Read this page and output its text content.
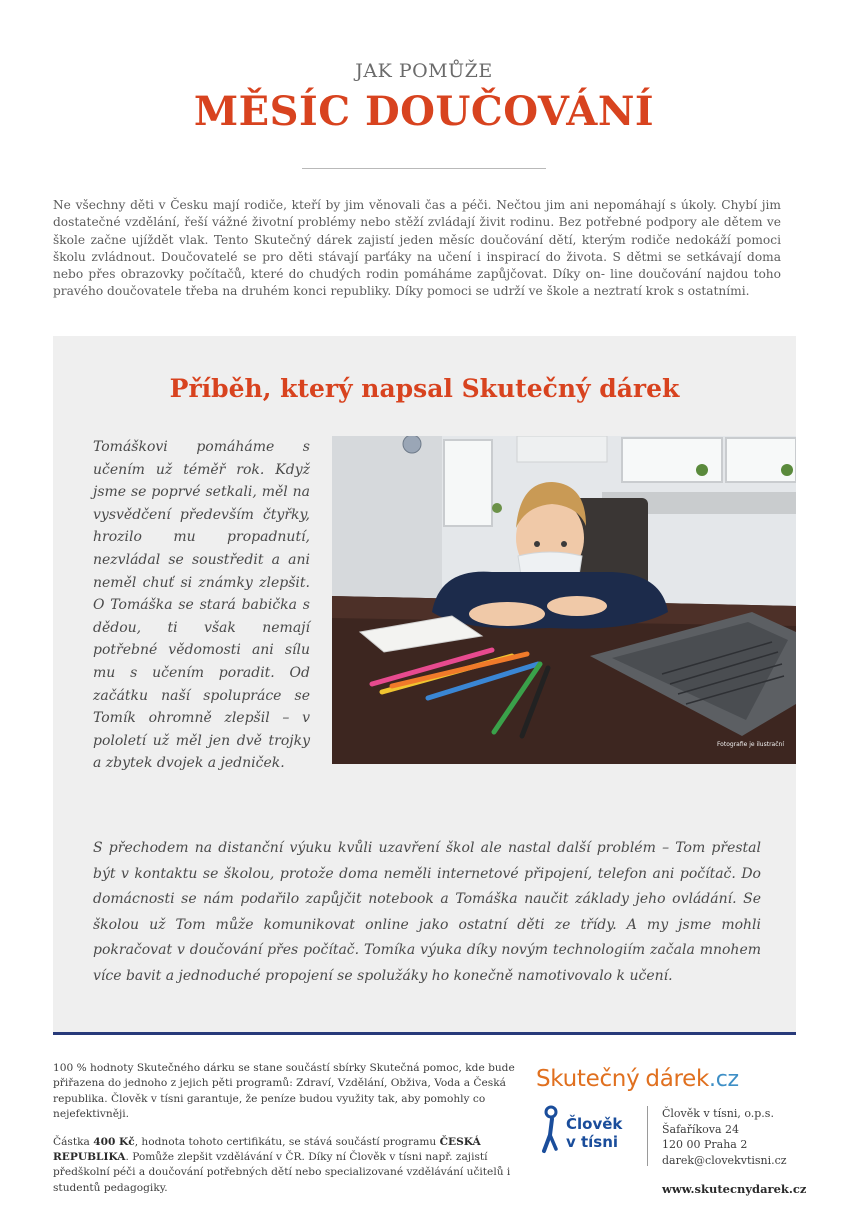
JAK POMŮŽE
MĚSÍC DOUČOVÁNÍ
Ne všechny děti v Česku mají rodiče, kteří by jim věnovali čas a péči. Nečtou jim ani nepomáhají s úkoly. Chybí jim dostatečné vzdělání, řeší vážné životní problémy nebo stěží zvládají živit rodinu. Bez potřebné podpory ale dětem ve škole začne ujíždět vlak. Tento Skutečný dárek zajistí jeden měsíc doučování dětí, kterým rodiče nedokáží pomoci školu zvládnout. Doučovatelé se pro děti stávají parťáky na učení i inspirací do života. S dětmi se setkávají doma nebo přes obrazovky počítačů, které do chudých rodin pomáháme zapůjčovat. Díky on- line doučování najdou toho pravého doučovatele třeba na druhém konci republiky. Díky pomoci se udrží ve škole a neztratí krok s ostatními.
Příběh, který napsal Skutečný dárek
Tomáškovi pomáháme s učením už téměř rok. Když jsme se poprvé setkali, měl na vysvědčení především čtyřky, hrozilo mu propadnutí, nezvládal se soustředit a ani neměl chuť si známky zlepšit. O Tomáška se stará babička s dědou, ti však nemají potřebné vědomosti ani sílu mu s učením poradit. Od začátku naší spolupráce se Tomík ohromně zlepšil – v pololetí už měl jen dvě trojky a zbytek dvojek a jedniček.
Fotografie je ilustrační
S přechodem na distanční výuku kvůli uzavření škol ale nastal další problém – Tom přestal být v kontaktu se školou, protože doma neměli internetové připojení, telefon ani počítač. Do domácnosti se nám podařilo zapůjčit notebook a Tomáška naučit základy jeho ovládání. Se školou už Tom může komunikovat online jako ostatní děti ze třídy. A my jsme mohli pokračovat v doučování přes počítač. Tomíka výuka díky novým technologiím začala mnohem více bavit a jednoduché propojení se spolužáky ho konečně namotivovalo k učení.

100 % hodnoty Skutečného dárku se stane součástí sbírky Skutečná pomoc, kde bude přiřazena do jednoho z jejich pěti programů: Zdraví, Vzdělání, Obživa, Voda a Česká republika. Člověk v tísni garantuje, že peníze budou využity tak, aby pomohly co nejefektivněji.

Částka 400 Kč, hodnota tohoto certifikátu, se stává součástí programu ČESKÁ REPUBLIKA. Pomůže zlepšit vzdělávání v ČR. Díky ní Člověk v tísni např. zajistí předškolní péči a doučování potřebných dětí nebo specializované vzdělávání učitelů i studentů pedagogiky.

Skutečný dárek.cz
Člověk
v tísni
Člověk v tísni, o.p.s.
Šafaříkova 24
120 00 Praha 2
darek@clovekvtisni.cz
www.skutecnydarek.cz
